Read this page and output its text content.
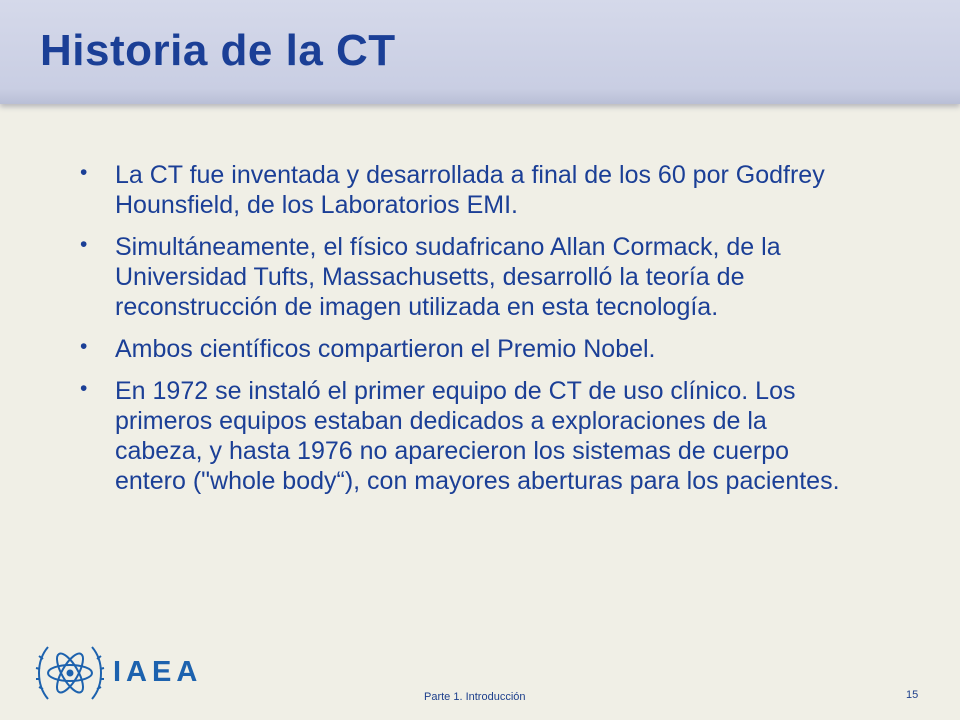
Historia de la CT
• La CT fue inventada y desarrollada a final de los 60 por Godfrey Hounsfield, de los Laboratorios EMI.
• Simultáneamente, el físico sudafricano Allan Cormack, de la Universidad Tufts, Massachusetts, desarrolló la teoría de reconstrucción de imagen utilizada en esta tecnología.
• Ambos científicos compartieron el Premio Nobel.
• En 1972 se instaló el primer equipo de CT de uso clínico. Los primeros equipos estaban dedicados a exploraciones de la cabeza, y hasta 1976 no aparecieron los sistemas de cuerpo entero ("whole body“), con mayores aberturas para los pacientes.
IAEA
Parte 1. Introducción	15
